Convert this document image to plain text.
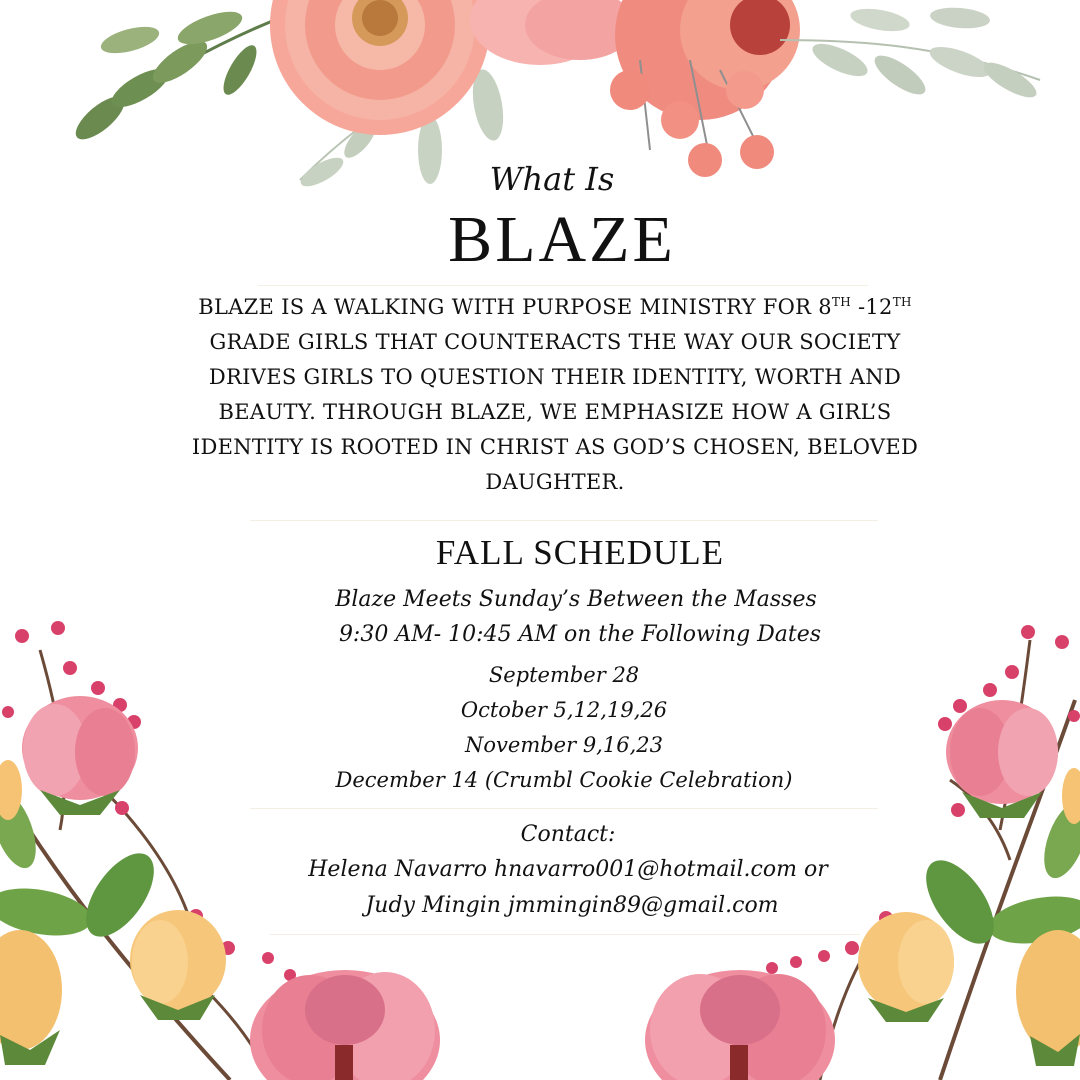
What Is
BLAZE

BLAZE IS A WALKING WITH PURPOSE MINISTRY FOR 8TH -12TH GRADE GIRLS THAT COUNTERACTS THE WAY OUR SOCIETY DRIVES GIRLS TO QUESTION THEIR IDENTITY, WORTH AND BEAUTY. THROUGH BLAZE, WE EMPHASIZE HOW A GIRL’S IDENTITY IS ROOTED IN CHRIST AS GOD’S CHOSEN, BELOVED DAUGHTER.

FALL SCHEDULE
Blaze Meets Sunday’s Between the Masses
9:30 AM- 10:45 AM on the Following Dates
September 28
October 5,12,19,26
November 9,16,23
December 14 (Crumbl Cookie Celebration)
Contact:
Helena Navarro hnavarro001@hotmail.com or
Judy Mingin jmmingin89@gmail.com
